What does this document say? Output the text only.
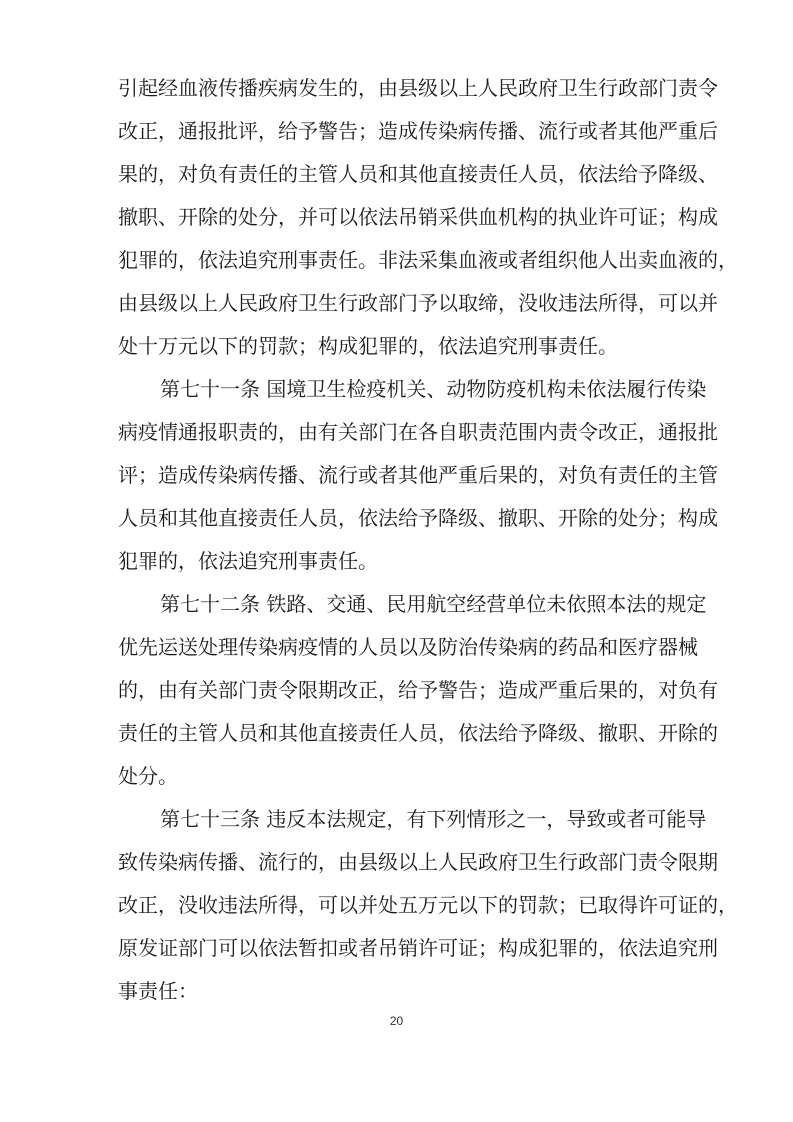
引起经血液传播疾病发生的，由县级以上人民政府卫生行政部门责令
改正，通报批评，给予警告；造成传染病传播、流行或者其他严重后
果的，对负有责任的主管人员和其他直接责任人员，依法给予降级、
撤职、开除的处分，并可以依法吊销采供血机构的执业许可证；构成
犯罪的，依法追究刑事责任。非法采集血液或者组织他人出卖血液的，
由县级以上人民政府卫生行政部门予以取缔，没收违法所得，可以并
处十万元以下的罚款；构成犯罪的，依法追究刑事责任。
第七十一条 国境卫生检疫机关、动物防疫机构未依法履行传染
病疫情通报职责的，由有关部门在各自职责范围内责令改正，通报批
评；造成传染病传播、流行或者其他严重后果的，对负有责任的主管
人员和其他直接责任人员，依法给予降级、撤职、开除的处分；构成
犯罪的，依法追究刑事责任。
第七十二条 铁路、交通、民用航空经营单位未依照本法的规定
优先运送处理传染病疫情的人员以及防治传染病的药品和医疗器械
的，由有关部门责令限期改正，给予警告；造成严重后果的，对负有
责任的主管人员和其他直接责任人员，依法给予降级、撤职、开除的
处分。
第七十三条 违反本法规定，有下列情形之一，导致或者可能导
致传染病传播、流行的，由县级以上人民政府卫生行政部门责令限期
改正，没收违法所得，可以并处五万元以下的罚款；已取得许可证的，
原发证部门可以依法暂扣或者吊销许可证；构成犯罪的，依法追究刑
事责任：
20
